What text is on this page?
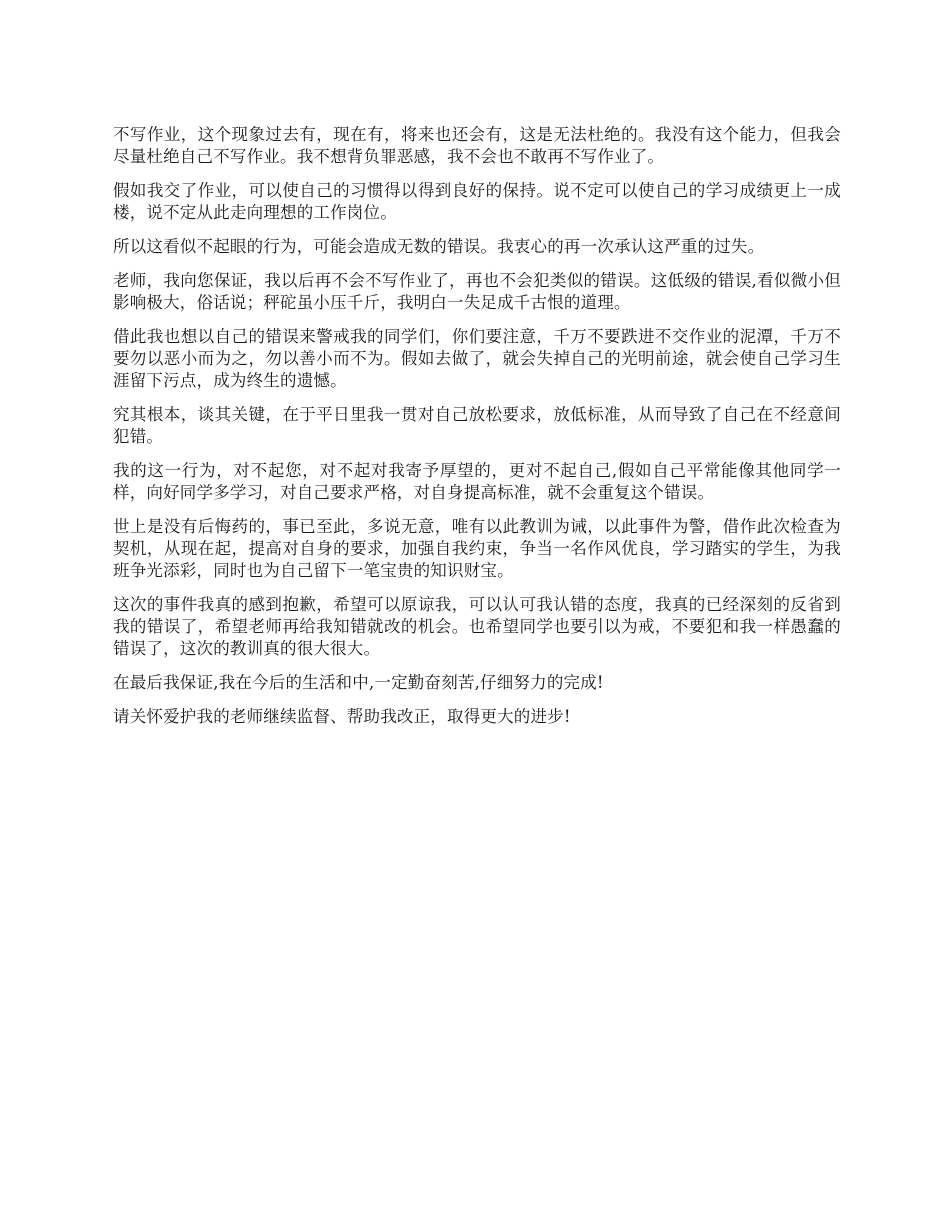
不写作业，这个现象过去有，现在有，将来也还会有，这是无法杜绝的。我没有这个能力，但我会尽量杜绝自己不写作业。我不想背负罪恶感，我不会也不敢再不写作业了。

假如我交了作业，可以使自己的习惯得以得到良好的保持。说不定可以使自己的学习成绩更上一成楼，说不定从此走向理想的工作岗位。

所以这看似不起眼的行为，可能会造成无数的错误。我衷心的再一次承认这严重的过失。

老师，我向您保证，我以后再不会不写作业了，再也不会犯类似的错误。这低级的错误,看似微小但影响极大，俗话说；秤砣虽小压千斤，我明白一失足成千古恨的道理。

借此我也想以自己的错误来警戒我的同学们，你们要注意，千万不要跌进不交作业的泥潭，千万不要勿以恶小而为之，勿以善小而不为。假如去做了，就会失掉自己的光明前途，就会使自己学习生涯留下污点，成为终生的遗憾。

究其根本，谈其关键，在于平日里我一贯对自己放松要求，放低标准，从而导致了自己在不经意间犯错。

我的这一行为，对不起您，对不起对我寄予厚望的，更对不起自己,假如自己平常能像其他同学一样，向好同学多学习，对自己要求严格，对自身提高标准，就不会重复这个错误。

世上是没有后悔药的，事已至此，多说无意，唯有以此教训为诫，以此事件为警，借作此次检查为契机，从现在起，提高对自身的要求，加强自我约束，争当一名作风优良，学习踏实的学生，为我班争光添彩，同时也为自己留下一笔宝贵的知识财宝。

这次的事件我真的感到抱歉，希望可以原谅我，可以认可我认错的态度，我真的已经深刻的反省到我的错误了，希望老师再给我知错就改的机会。也希望同学也要引以为戒，不要犯和我一样愚蠢的错误了，这次的教训真的很大很大。

在最后我保证,我在今后的生活和中,一定勤奋刻苦,仔细努力的完成!

请关怀爱护我的老师继续监督、帮助我改正，取得更大的进步!
